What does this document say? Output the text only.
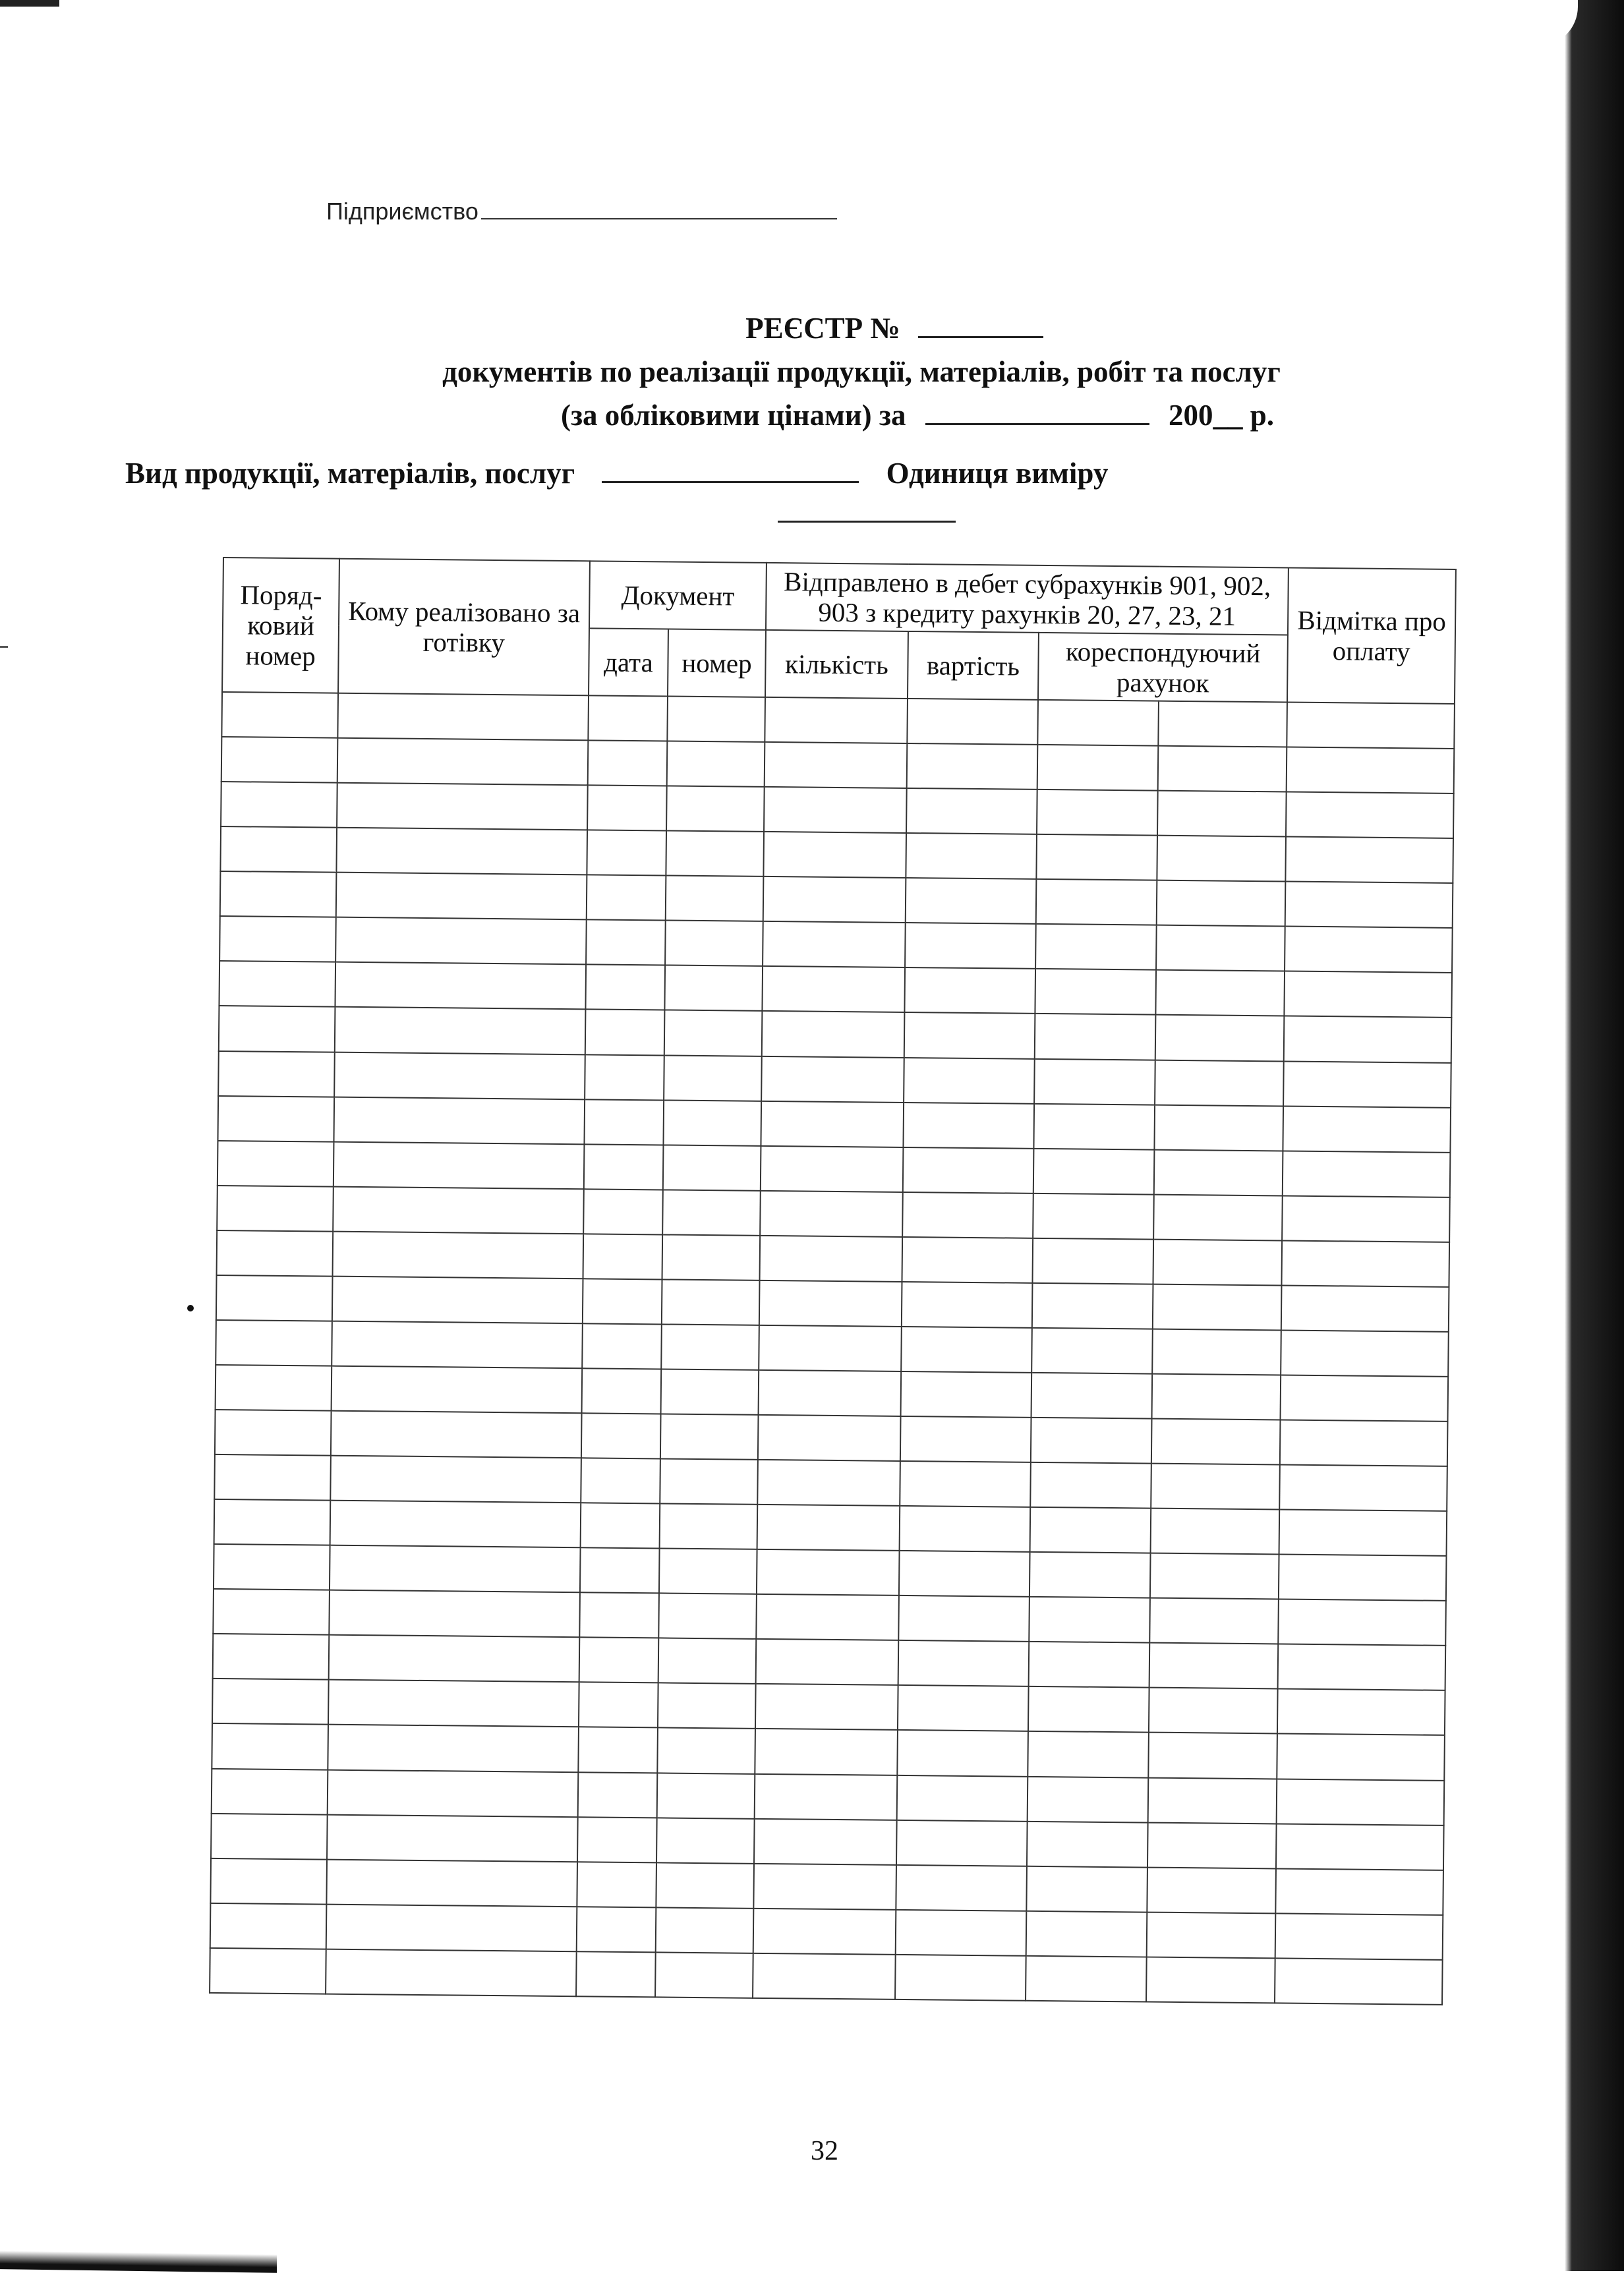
Підприємство
РЕЄСТР №
документів по реалізації продукції, матеріалів, робіт та послуг
(за обліковими цінами) за	200__ р.
Вид продукції, матеріалів, послуг	Одиниця виміру
Поряд-ковий номер	Кому реалізовано за готівку	Документ		Відправлено в дебет субрахунків 901, 902, 903 з кредиту рахунків 20, 27, 23, 21				Відмітка про оплату
		дата	номер	кількість	вартість	кореспондуючий рахунок		

32
